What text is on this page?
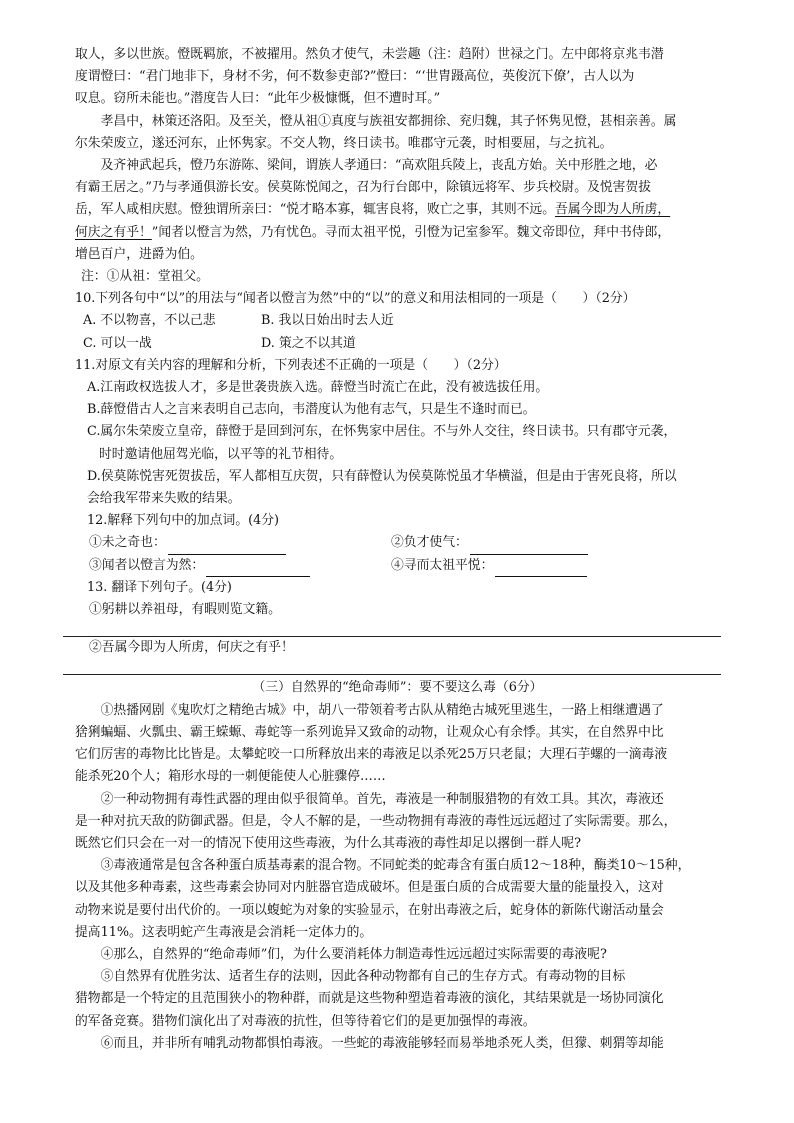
取人，多以世族。憕既羁旅，不被擢用。然负才使气，未尝趣（注：趋附）世禄之门。左中郎将京兆韦潜

度谓憕曰：“君门地非下，身材不劣，何不数参吏部?”憕曰：“‘世胄蹑高位，英俊沉下僚’，古人以为

叹息。窃所未能也。”潜度告人曰：“此年少极慷慨，但不遭时耳。”

孝昌中，林策还洛阳。及至关，憕从祖①真度与族祖安都拥徐、兖归魏，其子怀隽见憕，甚相亲善。属

尔朱荣废立，遂还河东，止怀隽家。不交人物，终日读书。唯郡守元袭，时相要屈，与之抗礼。

及齐神武起兵，憕乃东游陈、梁间，谓族人孝通曰：“高欢阻兵陵上，丧乱方始。关中形胜之地，必

有霸王居之。”乃与孝通俱游长安。侯莫陈悦闻之，召为行台郎中，除镇远将军、步兵校尉。及悦害贺拔

岳，军人咸相庆慰。憕独谓所亲曰：“悦才略本寡，辄害良将，败亡之事，其则不远。吾属今即为人所虏，

何庆之有乎！”闻者以憕言为然，乃有忧色。寻而太祖平悦，引憕为记室参军。魏文帝即位，拜中书侍郎，

增邑百户，进爵为伯。

注：①从祖：堂祖父。

10.下列各句中“以”的用法与“闻者以憕言为然”中的“以”的意义和用法相同的一项是（　　）（2分）

A. 不以物喜，不以己悲	B. 我以日始出时去人近
C. 可以一战	D. 策之不以其道

11.对原文有关内容的理解和分析，下列表述不正确的一项是（　　）（2分）

A.江南政权选拔人才，多是世袭贵族入选。薛憕当时流亡在此，没有被选拔任用。

B.薛憕借古人之言来表明自己志向，韦潜度认为他有志气，只是生不逢时而已。

C.属尔朱荣废立皇帝，薛憕于是回到河东，在怀隽家中居住。不与外人交往，终日读书。只有郡守元袭，

时时邀请他屈驾光临，以平等的礼节相待。

D.侯莫陈悦害死贺拔岳，军人都相互庆贺，只有薛憕认为侯莫陈悦虽才华横溢，但是由于害死良将，所以

会给我军带来失败的结果。

12.解释下列句中的加点词。(4分)

①未之奇也：	②负才使气：
③闻者以憕言为然：	④寻而太祖平悦：

13. 翻译下列句子。(4分)

①躬耕以养祖母，有暇则览文籍。

②吾属今即为人所虏，何庆之有乎！

（三）自然界的“绝命毒师”：要不要这么毒（6分）

①热播网剧《鬼吹灯之精绝古城》中，胡八一带领着考古队从精绝古城死里逃生，一路上相继遭遇了

猞猁蝙蝠、火瓢虫、霸王蝾螈、毒蛇等一系列诡异又致命的动物，让观众心有余悸。其实，在自然界中比

它们厉害的毒物比比皆是。太攀蛇咬一口所释放出来的毒液足以杀死25万只老鼠；大理石芋螺的一滴毒液

能杀死20个人；箱形水母的一刺便能使人心脏骤停……

②一种动物拥有毒性武器的理由似乎很简单。首先，毒液是一种制服猎物的有效工具。其次，毒液还

是一种对抗天敌的防御武器。但是，令人不解的是，一些动物拥有毒液的毒性远远超过了实际需要。那么，

既然它们只会在一对一的情况下使用这些毒液，为什么其毒液的毒性却足以撂倒一群人呢?

③毒液通常是包含各种蛋白质基毒素的混合物。不同蛇类的蛇毒含有蛋白质12～18种，酶类10～15种，

以及其他多种毒素，这些毒素会协同对内脏器官造成破坏。但是蛋白质的合成需要大量的能量投入，这对

动物来说是要付出代价的。一项以蝮蛇为对象的实验显示，在射出毒液之后，蛇身体的新陈代谢活动量会

提高11%。这表明蛇产生毒液是会消耗一定体力的。

④那么，自然界的“绝命毒师”们，为什么要消耗体力制造毒性远远超过实际需要的毒液呢?

⑤自然界有优胜劣汰、适者生存的法则，因此各种动物都有自己的生存方式。有毒动物的目标

猎物都是一个特定的且范围狭小的物种群，而就是这些物种塑造着毒液的演化，其结果就是一场协同演化

的军备竞赛。猎物们演化出了对毒液的抗性，但等待着它们的是更加强悍的毒液。

⑥而且，并非所有哺乳动物都惧怕毒液。一些蛇的毒液能够轻而易举地杀死人类，但獴、刺猬等却能
